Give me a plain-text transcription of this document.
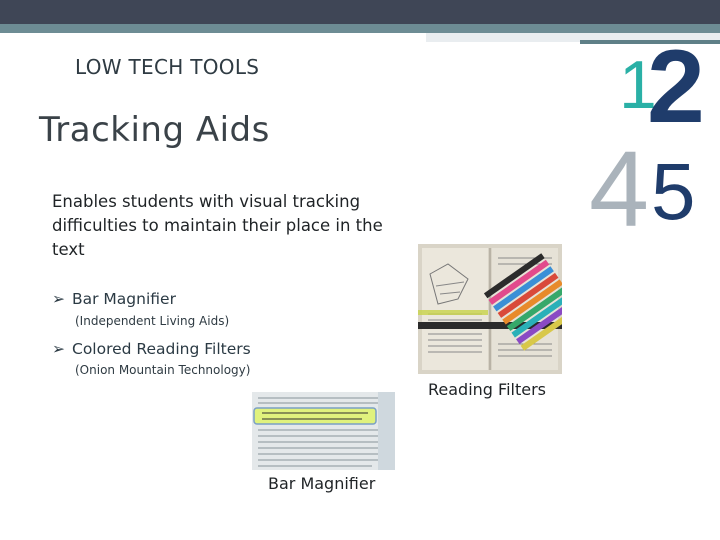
LOW TECH TOOLS
Tracking Aids
Enables students with visual tracking difficulties to maintain their place in the text
➢ Bar Magnifier
(Independent Living Aids)
➢ Colored Reading Filters
(Onion Mountain Technology)
1
2
4 5
Reading Filters
Bar Magnifier
